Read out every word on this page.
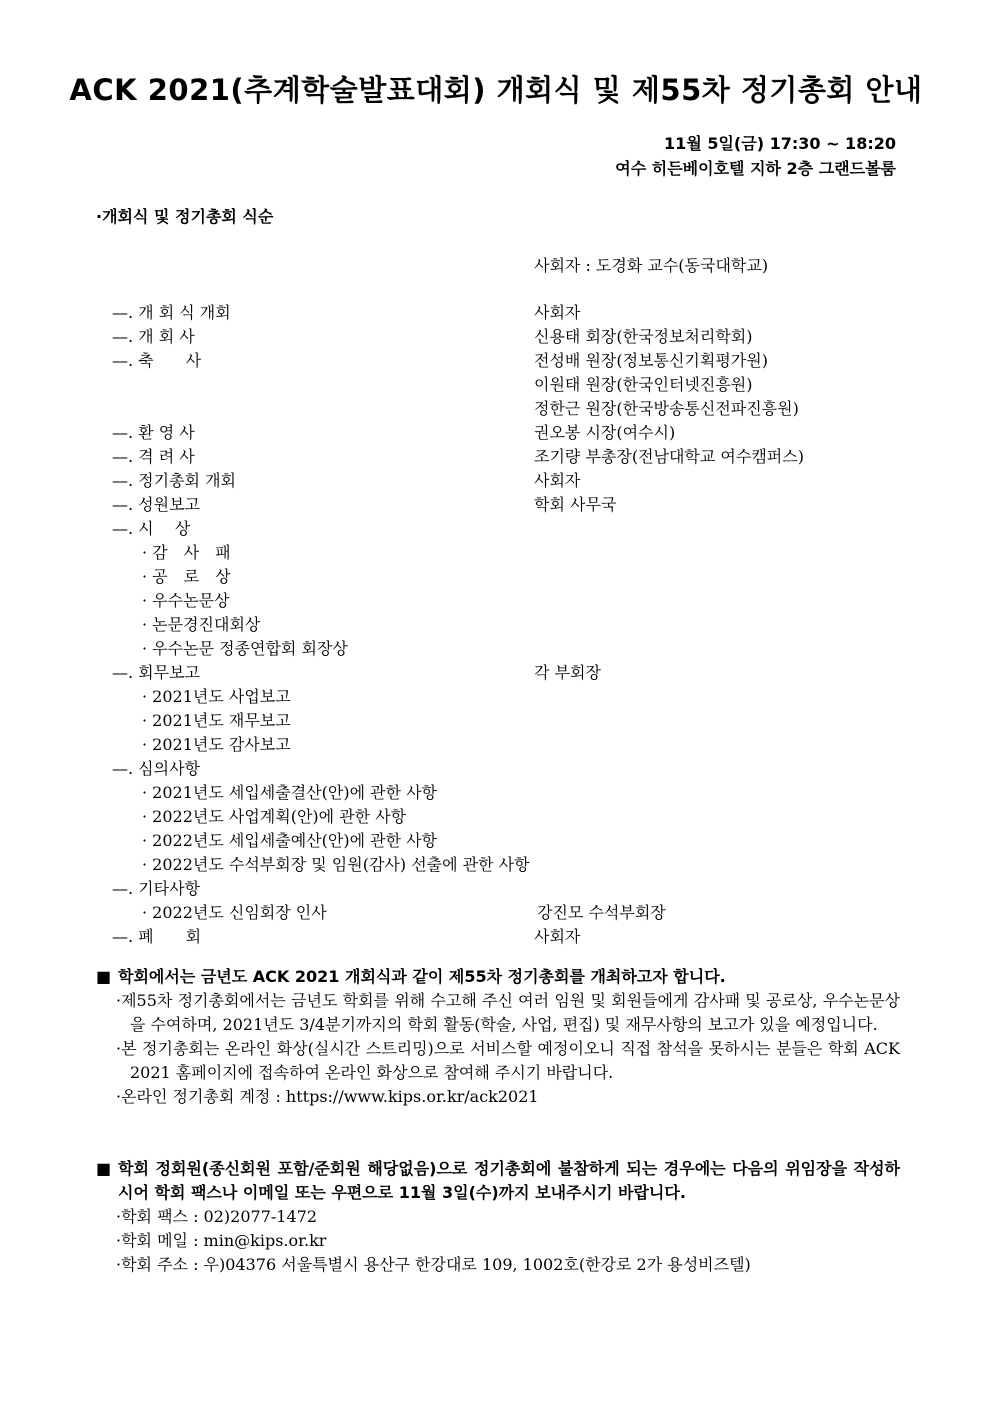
ACK 2021(추계학술발표대회) 개회식 및 제55차 정기총회 안내
11월 5일(금) 17:30 ~ 18:20
여수 히든베이호텔 지하 2층 그랜드볼룸
·개회식 및 정기총회 식순
사회자 : 도경화 교수(동국대학교)
—. 개 회 식 개회	사회자
—. 개 회 사	신용태 회장(한국정보처리학회)
—. 축　　사	전성배 원장(정보통신기획평가원)
이원태 원장(한국인터넷진흥원)
정한근 원장(한국방송통신전파진흥원)
—. 환 영 사	권오봉 시장(여수시)
—. 격 려 사	조기량 부총장(전남대학교 여수캠퍼스)
—. 정기총회 개회	사회자
—. 성원보고	학회 사무국
—. 시　 상
· 감　사　패
· 공　로　상
· 우수논문상
· 논문경진대회상
· 우수논문 정종연합회 회장상
—. 회무보고	각 부회장
· 2021년도 사업보고
· 2021년도 재무보고
· 2021년도 감사보고
—. 심의사항
· 2021년도 세입세출결산(안)에 관한 사항
· 2022년도 사업계획(안)에 관한 사항
· 2022년도 세입세출예산(안)에 관한 사항
· 2022년도 수석부회장 및 임원(감사) 선출에 관한 사항
—. 기타사항
· 2022년도 신임회장 인사	강진모 수석부회장
—. 폐　　회	사회자
■ 학회에서는 금년도 ACK 2021 개회식과 같이 제55차 정기총회를 개최하고자 합니다.
·제55차 정기총회에서는 금년도 학회를 위해 수고해 주신 여러 임원 및 회원들에게 감사패 및 공로상, 우수논문상을 수여하며, 2021년도 3/4분기까지의 학회 활동(학술, 사업, 편집) 및 재무사항의 보고가 있을 예정입니다.
·본 정기총회는 온라인 화상(실시간 스트리밍)으로 서비스할 예정이오니 직접 참석을 못하시는 분들은 학회 ACK 2021 홈페이지에 접속하여 온라인 화상으로 참여해 주시기 바랍니다.
·온라인 정기총회 계정 : https://www.kips.or.kr/ack2021
■ 학회 정회원(종신회원 포함/준회원 해당없음)으로 정기총회에 불참하게 되는 경우에는 다음의 위임장을 작성하시어 학회 팩스나 이메일 또는 우편으로 11월 3일(수)까지 보내주시기 바랍니다.
·학회 팩스 : 02)2077-1472
·학회 메일 : min@kips.or.kr
·학회 주소 : 우)04376 서울특별시 용산구 한강대로 109, 1002호(한강로 2가 용성비즈텔)
